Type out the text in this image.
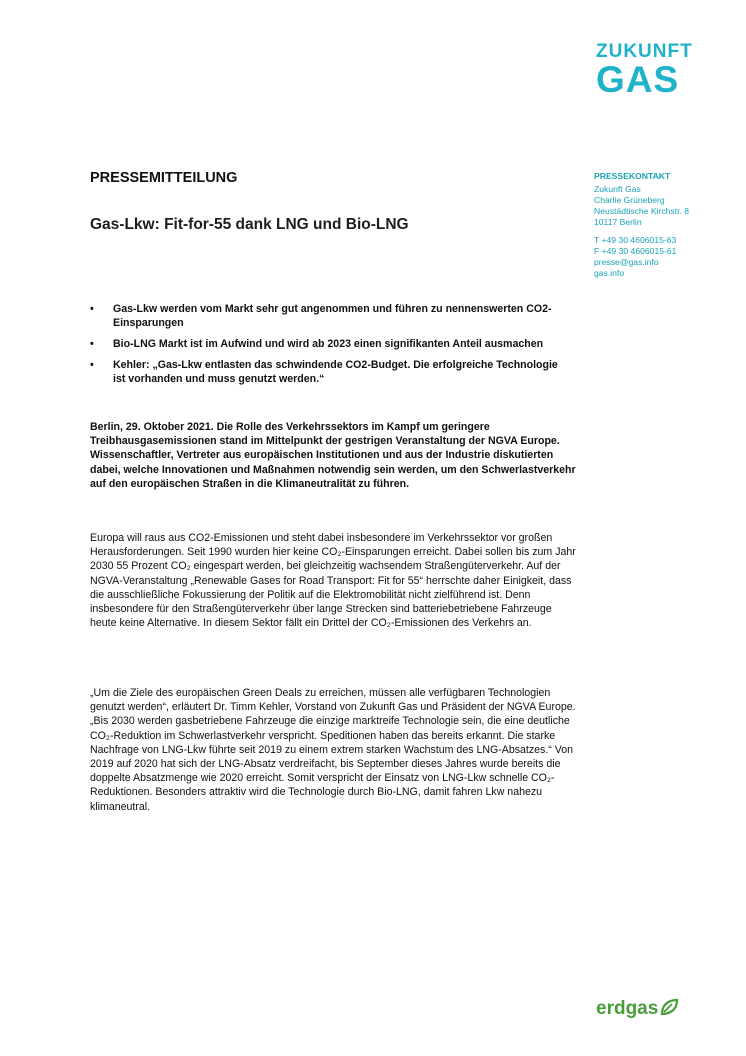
ZUKUNFT
GAS
PRESSEMITTEILUNG
Gas-Lkw: Fit-for-55 dank LNG und Bio-LNG
PRESSEKONTAKT
Zukunft Gas
Charlie Grüneberg
Neustädtische Kirchstr. 8
10117 Berlin
T +49 30 4606015-63
F +49 30 4606015-61
presse@gas.info
gas.info
• Gas-Lkw werden vom Markt sehr gut angenommen und führen zu nennenswerten CO2-Einsparungen
• Bio-LNG Markt ist im Aufwind und wird ab 2023 einen signifikanten Anteil ausmachen
• Kehler: „Gas-Lkw entlasten das schwindende CO2-Budget. Die erfolgreiche Technologie ist vorhanden und muss genutzt werden.“

Berlin, 29. Oktober 2021. Die Rolle des Verkehrssektors im Kampf um geringere Treibhausgasemissionen stand im Mittelpunkt der gestrigen Veranstaltung der NGVA Europe. Wissenschaftler, Vertreter aus europäischen Institutionen und aus der Industrie diskutierten dabei, welche Innovationen und Maßnahmen notwendig sein werden, um den Schwerlastverkehr auf den europäischen Straßen in die Klimaneutralität zu führen.

Europa will raus aus CO2-Emissionen und steht dabei insbesondere im Verkehrssektor vor großen Herausforderungen. Seit 1990 wurden hier keine CO₂-Einsparungen erreicht. Dabei sollen bis zum Jahr 2030 55 Prozent CO₂ eingespart werden, bei gleichzeitig wachsendem Straßengüterverkehr. Auf der NGVA-Veranstaltung „Renewable Gases for Road Transport: Fit for 55“ herrschte daher Einigkeit, dass die ausschließliche Fokussierung der Politik auf die Elektromobilität nicht zielführend ist. Denn insbesondere für den Straßengüterverkehr über lange Strecken sind batteriebetriebene Fahrzeuge heute keine Alternative. In diesem Sektor fällt ein Drittel der CO₂-Emissionen des Verkehrs an.

„Um die Ziele des europäischen Green Deals zu erreichen, müssen alle verfügbaren Technologien genutzt werden“, erläutert Dr. Timm Kehler, Vorstand von Zukunft Gas und Präsident der NGVA Europe. „Bis 2030 werden gasbetriebene Fahrzeuge die einzige marktreife Technologie sein, die eine deutliche CO₂-Reduktion im Schwerlastverkehr verspricht. Speditionen haben das bereits erkannt. Die starke Nachfrage von LNG-Lkw führte seit 2019 zu einem extrem starken Wachstum des LNG-Absatzes.“ Von 2019 auf 2020 hat sich der LNG-Absatz verdreifacht, bis September dieses Jahres wurde bereits die doppelte Absatzmenge wie 2020 erreicht. Somit verspricht der Einsatz von LNG-Lkw schnelle CO₂-Reduktionen. Besonders attraktiv wird die Technologie durch Bio-LNG, damit fahren Lkw nahezu klimaneutral.

erdgas
